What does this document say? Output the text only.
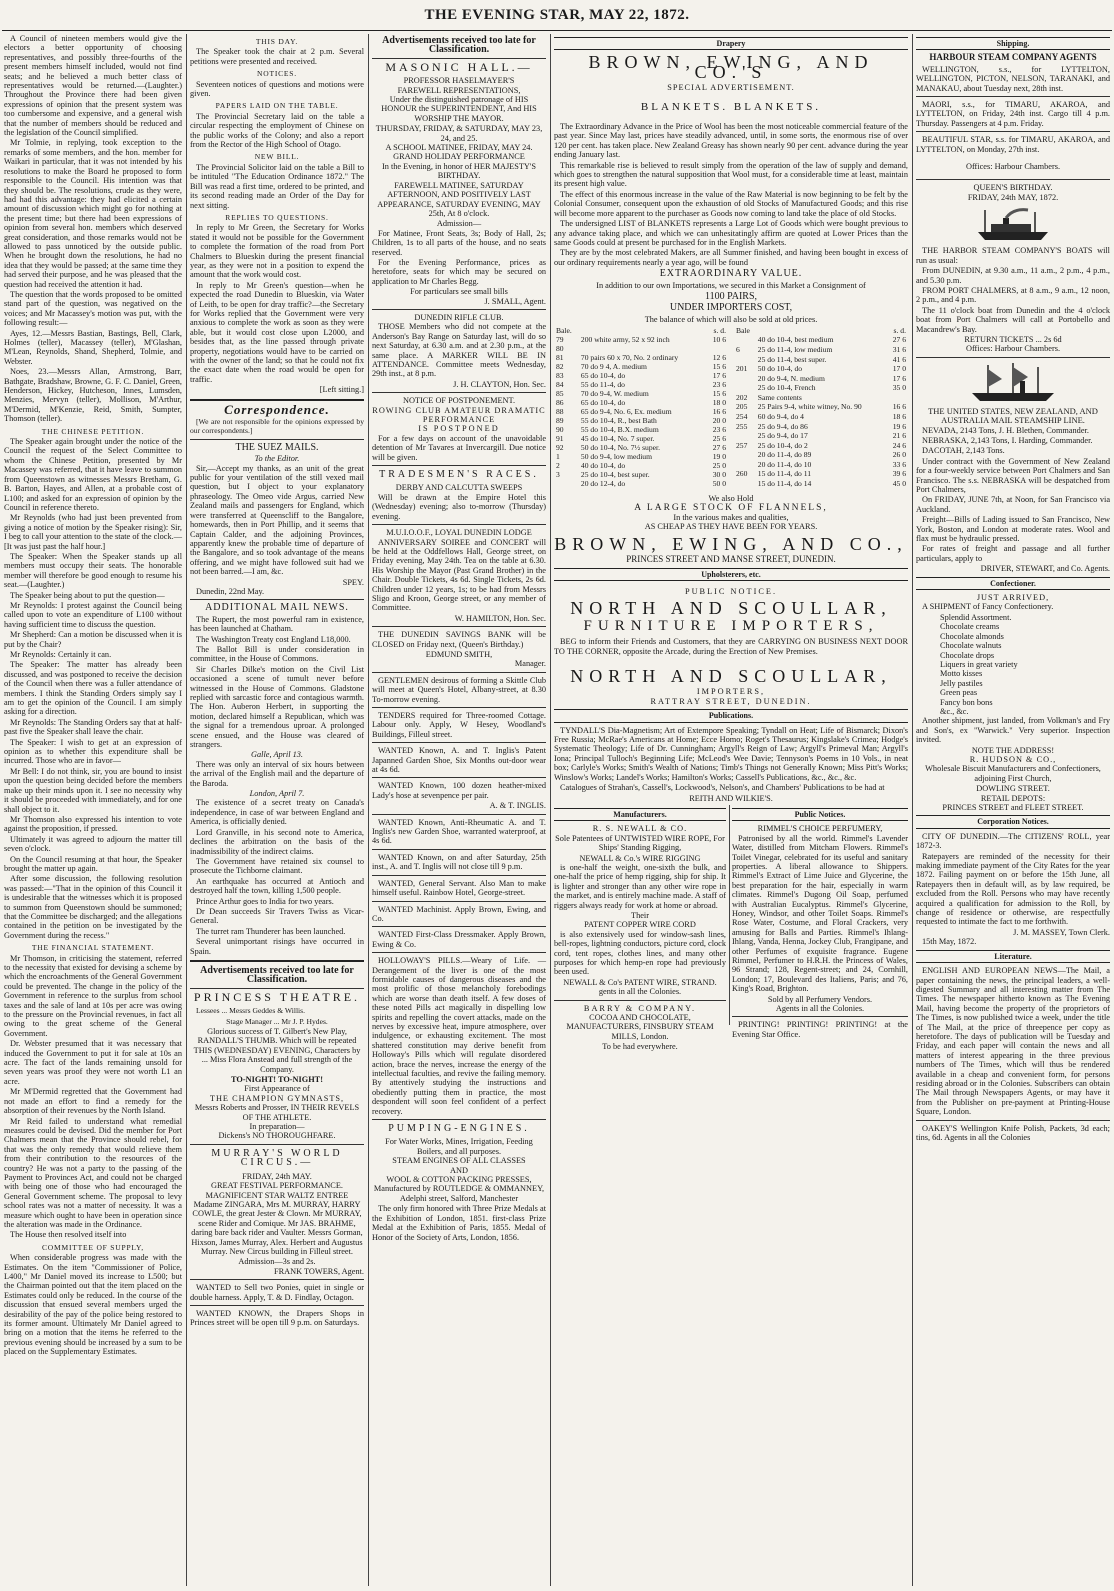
THE EVENING STAR, MAY 22, 1872.

A Council of nineteen members would give the electors a better opportunity of choosing representatives, and possibly three-fourths of the present members himself included, would not find seats; and he believed a much better class of representatives would be returned.—(Laughter.) Throughout the Province there had been given expressions of opinion that the present system was too cumbersome and expensive, and a general wish that the number of members should be reduced and the legislation of the Council simplified.

Mr Tolmie, in replying, took exception to the remarks of some members, and the hon. member for Waikari in particular, that it was not intended by his resolutions to make the Board he proposed to form responsible to the Council. His intention was that they should be. The resolutions, crude as they were, had had this advantage: they had elicited a certain amount of discussion which might go for nothing at the present time; but there had been expressions of opinion from several hon. members which deserved great consideration, and those remarks would not be allowed to pass unnoticed by the outside public. When he brought down the resolutions, he had no idea that they would be passed; at the same time they had served their purpose, and he was pleased that the question had received the attention it had.

The question that the words proposed to be omitted stand part of the question, was negatived on the voices; and Mr Macassey's motion was put, with the following result:—

Ayes, 12.—Messrs Bastian, Bastings, Bell, Clark, Holmes (teller), Macassey (teller), M'Glashan, M'Lean, Reynolds, Shand, Shepherd, Tolmie, and Webster.

Noes, 23.—Messrs Allan, Armstrong, Barr, Bathgate, Bradshaw, Browne, G. F. C. Daniel, Green, Henderson, Hickey, Hutcheson, Innes, Lumsden, Menzies, Mervyn (teller), Mollison, M'Arthur, M'Dermid, M'Kenzie, Reid, Smith, Sumpter, Thomson (teller).

THE CHINESE PETITION.

The Speaker again brought under the notice of the Council the request of the Select Committee to whom the Chinese Petition, presented by Mr Macassey was referred, that it have leave to summon from Queenstown as witnesses Messrs Bretham, G. B. Barton, Hayes, and Allen, at a probable cost of L100; and asked for an expression of opinion by the Council in reference thereto.

Mr Reynolds (who had just been prevented from giving a notice of motion by the Speaker rising): Sir, I beg to call your attention to the state of the clock.—[It was just past the half hour.]

The Speaker: When the Speaker stands up all members must occupy their seats. The honorable member will therefore be good enough to resume his seat.—(Laughter.)

The Speaker being about to put the question—

Mr Reynolds: I protest against the Council being called upon to vote an expenditure of L100 without having sufficient time to discuss the question.

Mr Shepherd: Can a motion be discussed when it is put by the Chair?

Mr Reynolds: Certainly it can.

The Speaker: The matter has already been discussed, and was postponed to receive the decision of the Council when there was a fuller attendance of members. I think the Standing Orders simply say I am to get the opinion of the Council. I am simply asking for a direction.

Mr Reynolds: The Standing Orders say that at half-past five the Speaker shall leave the chair.

The Speaker: I wish to get at an expression of opinion as to whether this expenditure shall be incurred. Those who are in favor—

Mr Bell: I do not think, sir, you are bound to insist upon the question being decided before the members make up their minds upon it. I see no necessity why it should be proceeded with immediately, and for one shall object to it.

Mr Thomson also expressed his intention to vote against the proposition, if pressed.

Ultimately it was agreed to adjourn the matter till seven o'clock.

On the Council resuming at that hour, the Speaker brought the matter up again.

After some discussion, the following resolution was passed:—"That in the opinion of this Council it is undesirable that the witnesses which it is proposed to summon from Queenstown should be summoned; that the Committee be discharged; and the allegations contained in the petition on be investigated by the Government during the recess."

THE FINANCIAL STATEMENT.

Mr Thomson, in criticising the statement, referred to the necessity that existed for devising a scheme by which the encroachments of the General Government could be prevented. The change in the policy of the Government in reference to the surplus from school taxes and the sale of land at 10s per acre was owing to the pressure on the Provincial revenues, in fact all owing to the great scheme of the General Government.

Dr. Webster presumed that it was necessary that induced the Government to put it for sale at 10s an acre. The fact of the lands remaining unsold for seven years was proof they were not worth L1 an acre.

Mr M'Dermid regretted that the Government had not made an effort to find a remedy for the absorption of their revenues by the North Island.

Mr Reid failed to understand what remedial measures could be devised. Did the member for Port Chalmers mean that the Province should rebel, for that was the only remedy that would relieve them from their contribution to the resources of the country? He was not a party to the passing of the Payment to Provinces Act, and could not be charged with being one of those who had encouraged the General Government scheme. The proposal to levy school rates was not a matter of necessity. It was a measure which ought to have been in operation since the alteration was made in the Ordinance.

The House then resolved itself into

COMMITTEE OF SUPPLY,

When considerable progress was made with the Estimates. On the item "Commissioner of Police, L400," Mr Daniel moved its increase to L500; but the Chairman pointed out that the item placed on the Estimates could only be reduced. In the course of the discussion that ensued several members urged the desirability of the pay of the police being restored to its former amount. Ultimately Mr Daniel agreed to bring on a motion that the items he referred to the previous evening should be increased by a sum to be placed on the Supplementary Estimates.

THIS DAY.

The Speaker took the chair at 2 p.m. Several petitions were presented and received.

NOTICES.

Seventeen notices of questions and motions were given.

PAPERS LAID ON THE TABLE.

The Provincial Secretary laid on the table a circular respecting the employment of Chinese on the public works of the Colony; and also a report from the Rector of the High School of Otago.

NEW BILL.

The Provincial Solicitor laid on the table a Bill to be intituled "The Education Ordinance 1872." The Bill was read a first time, ordered to be printed, and its second reading made an Order of the Day for next sitting.

REPLIES TO QUESTIONS.

In reply to Mr Green, the Secretary for Works stated it would not be possible for the Government to complete the formation of the road from Port Chalmers to Blueskin during the present financial year, as they were not in a position to expend the amount that the work would cost.

In reply to Mr Green's question—when he expected the road Dunedin to Blueskin, via Water of Leith, to be open for dray traffic?—the Secretary for Works replied that the Government were very anxious to complete the work as soon as they were able, but it would cost close upon L2000, and besides that, as the line passed through private property, negotiations would have to be carried on with the owner of the land; so that he could not fix the exact date when the road would be open for traffic.

[Left sitting.]
Correspondence.

[We are not responsible for the opinions expressed by our correspondents.]

THE SUEZ MAILS.
To the Editor.

Sir,—Accept my thanks, as an unit of the great public for your ventilation of the still vexed mail question, but I object to your explanatory phraseology. The Omeo vide Argus, carried New Zealand mails and passengers for England, which were transferred at Queenscliff to the Bangalore, homewards, then in Port Phillip, and it seems that Captain Calder, and the adjoining Provinces, apparently knew the probable time of departure of the Bangalore, and so took advantage of the means offering, and we might have followed suit had we not been barred.—I am, &c.

SPEY.

Dunedin, 22nd May.

ADDITIONAL MAIL NEWS.

The Rupert, the most powerful ram in existence, has been launched at Chatham.

The Washington Treaty cost England L18,000.

The Ballot Bill is under consideration in committee, in the House of Commons.

Sir Charles Dilke's motion on the Civil List occasioned a scene of tumult never before witnessed in the House of Commons. Gladstone replied with sarcastic force and contagious warmth. The Hon. Auberon Herbert, in supporting the motion, declared himself a Republican, which was the signal for a tremendous uproar. A prolonged scene ensued, and the House was cleared of strangers.

Galle, April 13.

There was only an interval of six hours between the arrival of the English mail and the departure of the Baroda.

London, April 7.

The existence of a secret treaty on Canada's independence, in case of war between England and America, is officially denied.

Lord Granville, in his second note to America, declines the arbitration on the basis of the inadmissibility of the indirect claims.

The Government have retained six counsel to prosecute the Tichborne claimant.

An earthquake has occurred at Antioch and destroyed half the town, killing 1,500 people.

Prince Arthur goes to India for two years.

Dr Dean succeeds Sir Travers Twiss as Vicar-General.

The turret ram Thunderer has been launched.

Several unimportant risings have occurred in Spain.

Advertisements received too late for Classification.
PRINCESS THEATRE.

Lessees ... Messrs Geddes & Willis.

Stage Manager ... Mr J. P. Hydes.

Glorious success of T. Gilbert's New Play, RANDALL'S THUMB. Which will be repeated THIS (WEDNESDAY) EVENING, Characters by ... Miss Flora Anstead and full strength of the Company.

TO-NIGHT! TO-NIGHT!
First Appearance of
THE CHAMPION GYMNASTS,
Messrs Roberts and Prosser, IN THEIR REVELS OF THE ATHLETE.
In preparation—
Dickens's NO THOROUGHFARE.
MURRAY'S WORLD CIRCUS.—
FRIDAY, 24th MAY.
GREAT FESTIVAL PERFORMANCE.
MAGNIFICENT STAR WALTZ ENTREE

Madame ZINGARA, Mrs M. MURRAY, HARRY COWLE, the great Jester & Clown. Mr MURRAY, scene Rider and Comique. Mr JAS. BRAHME, daring bare back rider and Vaulter. Messrs Gorman, Hixson, James Murray, Alex. Herbert and Augustus Murray. New Circus building in Filleul street.

Admission—3s and 2s.
FRANK TOWERS, Agent.

WANTED to Sell two Ponies, quiet in single or double harness. Apply, T. & D. Findlay, Octagon.

WANTED KNOWN, the Drapers Shops in Princes street will be open till 9 p.m. on Saturdays.

Advertisements received too late for Classification.
MASONIC HALL.—
PROFESSOR HASELMAYER'S
FAREWELL REPRESENTATIONS,

Under the distinguished patronage of HIS HONOUR the SUPERINTENDENT, And HIS WORSHIP THE MAYOR.

THURSDAY, FRIDAY, & SATURDAY, MAY 23, 24, and 25.
A SCHOOL MATINEE, FRIDAY, MAY 24.
GRAND HOLIDAY PERFORMANCE
In the Evening, in honor of HER MAJESTY'S BIRTHDAY.

FAREWELL MATINEE, SATURDAY AFTERNOON, AND POSITIVELY LAST APPEARANCE, SATURDAY EVENING, MAY 25th, At 8 o'clock.

Admission—

For Matinee, Front Seats, 3s; Body of Hall, 2s; Children, 1s to all parts of the house, and no seats reserved.

For the Evening Performance, prices as heretofore, seats for which may be secured on application to Mr Charles Begg.

For particulars see small bills
J. SMALL, Agent.
DUNEDIN RIFLE CLUB.

THOSE Members who did not compete at the Anderson's Bay Range on Saturday last, will do so next Saturday, at 6.30 a.m. and at 2.30 p.m., at the same place. A MARKER WILL BE IN ATTENDANCE. Committee meets Wednesday, 29th inst., at 8 p.m.

J. H. CLAYTON, Hon. Sec.
NOTICE OF POSTPONEMENT.
ROWING CLUB AMATEUR DRAMATIC PERFORMANCE
IS POSTPONED

For a few days on account of the unavoidable detention of Mr Tavares at Invercargill. Due notice will be given.

TRADESMEN'S RACES.
DERBY AND CALCUTTA SWEEPS

Will be drawn at the Empire Hotel this (Wednesday) evening; also to-morrow (Thursday) evening.

M.U.I.O.O.F., LOYAL DUNEDIN LODGE

ANNIVERSARY SOIREE and CONCERT will be held at the Oddfellows Hall, George street, on Friday evening, May 24th. Tea on the table at 6.30. His Worship the Mayor (Past Grand Brother) in the Chair. Double Tickets, 4s 6d. Single Tickets, 2s 6d. Children under 12 years, 1s; to be had from Messrs Sligo and Kroon, George street, or any member of Committee.

W. HAMILTON, Hon. Sec.

THE DUNEDIN SAVINGS BANK will be CLOSED on Friday next, (Queen's Birthday.)

EDMUND SMITH,
Manager.

GENTLEMEN desirous of forming a Skittle Club will meet at Queen's Hotel, Albany-street, at 8.30 To-morrow evening.

TENDERS required for Three-roomed Cottage. Labour only. Apply, W Hesey, Woodland's Buildings, Filleul street.

WANTED Known, A. and T. Inglis's Patent Japanned Garden Shoe, Six Months out-door wear at 4s 6d.

WANTED Known, 100 dozen heather-mixed Lady's hose at sevenpence per pair.

A. & T. INGLIS.

WANTED Known, Anti-Rheumatic A. and T. Inglis's new Garden Shoe, warranted waterproof, at 4s 6d.

WANTED Known, on and after Saturday, 25th inst., A. and T. Inglis will not close till 9 p.m.

WANTED, General Servant. Also Man to make himself useful. Rainbow Hotel, George-street.

WANTED Machinist. Apply Brown, Ewing, and Co.

WANTED First-Class Dressmaker. Apply Brown, Ewing & Co.

HOLLOWAY'S PILLS.—Weary of Life. —Derangement of the liver is one of the most formidable causes of dangerous diseases and the most prolific of those melancholy forebodings which are worse than death itself. A few doses of these noted Pills act magically in dispelling low spirits and repelling the covert attacks, made on the nerves by excessive heat, impure atmosphere, over indulgence, or exhausting excitement. The most shattered constitution may derive benefit from Holloway's Pills which will regulate disordered action, brace the nerves, increase the energy of the intellectual faculties, and revive the failing memory. By attentively studying the instructions and obediently putting them in practice, the most despondent will soon feel confident of a perfect recovery.

PUMPING-ENGINES.
For Water Works, Mines, Irrigation, Feeding Boilers, and all purposes.
STEAM ENGINES OF ALL CLASSES
AND
WOOL & COTTON PACKING PRESSES,

Manufactured by ROUTLEDGE & OMMANNEY, Adelphi street, Salford, Manchester

The only firm honored with Three Prize Medals at the Exhibition of London, 1851. first-class Prize Medal at the Exhibition of Paris, 1855. Medal of Honor of the Society of Arts, London, 1856.

Drapery
BROWN, EWING, AND CO.'S
SPECIAL ADVERTISEMENT.
BLANKETS. BLANKETS.

The Extraordinary Advance in the Price of Wool has been the most noticeable commercial feature of the past year. Since May last, prices have steadily advanced, until, in some sorts, the enormous rise of over 120 per cent. has taken place. New Zealand Greasy has shown nearly 90 per cent. advance during the year ending January last.

This remarkable rise is believed to result simply from the operation of the law of supply and demand, which goes to strengthen the natural supposition that Wool must, for a considerable time at least, maintain its present high value.

The effect of this enormous increase in the value of the Raw Material is now beginning to be felt by the Colonial Consumer, consequent upon the exhaustion of old Stocks of Manufactured Goods; and this rise will become more apparent to the purchaser as Goods now coming to land take the place of old Stocks.

The undersigned LIST of BLANKETS represents a Large Lot of Goods which were bought previous to any advance taking place, and which we can unhesitatingly affirm are quoted at Lower Prices than the same Goods could at present be purchased for in the English Markets.

They are by the most celebrated Makers, are all Summer finished, and having been bought in excess of our ordinary requirements nearly a year ago, will be found

EXTRAORDINARY VALUE.
In addition to our own Importations, we secured in this Market a Consignment of
1100 PAIRS,
UNDER IMPORTERS COST,
The balance of which will also be sold at old prices.
Bale.		s. d.
79	200 white army, 52 x 92 inch	10 6
80		
81	70 pairs 60 x 70, No. 2 ordinary	12 6
82	70 do 9 4, A. medium	15 6
83	65 do 10-4, do	17 6
84	55 do 11-4, do	23 6
85	70 do 9-4, W. medium	15 6
86	65 do 10-4, do	18 0
88	65 do 9-4, No. 6, Ex. medium	16 6
89	55 do 10-4, R., best Bath	20 0
90	55 do 10-4, B.X. medium	23 6
91	45 do 10-4, No. 7 super.	25 6
92	50 do 10-4, No. 7½ super.	27 6
1	50 do 9-4, low medium	19 0
2	40 do 10-4, do	25 0
3	25 do 10-4, best super.	30 0
	20 do 12-4, do	50 0
Bale		s. d.
	40 do 10-4, best medium	27 6
6	25 do 11-4, low medium	31 6
	25 do 11-4, best super.	41 6
201	50 do 10-4, do	17 0
	20 do 9-4, N. medium	17 6
	25 do 10-4, French	35 0
202	Same contents	
205	25 Pairs 9-4, white witney, No. 90	16 6
254	60 do 9-4, do 4	18 6
255	25 do 9-4, do 86	19 6
	25 do 9-4, do 17	21 6
257	25 do 10-4, do 2	24 6
	20 do 11-4, do 89	26 0
	20 do 11-4, do 10	33 6
260	15 do 11-4, do 11	39 6
	15 do 11-4, do 14	45 0
We also Hold
A LARGE STOCK OF FLANNELS,
In the various makes and qualities,
AS CHEAP AS THEY HAVE BEEN FOR YEARS.
BROWN, EWING, AND CO.,
PRINCES STREET AND MANSE STREET, DUNEDIN.
Upholsterers, etc.
PUBLIC NOTICE.
NORTH AND SCOULLAR,
FURNITURE IMPORTERS,

BEG to inform their Friends and Customers, that they are CARRYING ON BUSINESS NEXT DOOR TO THE CORNER, opposite the Arcade, during the Erection of New Premises.

NORTH AND SCOULLAR,
IMPORTERS,
RATTRAY STREET, DUNEDIN.
Publications.

TYNDALL'S Dia-Magnetism; Art of Extempore Speaking; Tyndall on Heat; Life of Bismarck; Dixon's Free Russia; McRae's Americans at Home; Ecce Homo; Roget's Thesaurus; Kingslake's Crimea; Hodge's Systematic Theology; Life of Dr. Cunningham; Argyll's Reign of Law; Argyll's Primeval Man; Argyll's Iona; Principal Tulloch's Beginning Life; McLeod's Wee Davie; Tennyson's Poems in 10 Vols., in neat box; Carlyle's Works; Smith's Wealth of Nations; Timb's Things not Generally Known; Miss Pitt's Works; Winslow's Works; Landel's Works; Hamilton's Works; Cassell's Publications, &c., &c., &c.

Catalogues of Strahan's, Cassell's, Lockwood's, Nelson's, and Chambers' Publications to be had at

REITH AND WILKIE'S.
Manufacturers.
R. S. NEWALL & CO.

Sole Patentees of UNTWISTED WIRE ROPE, For Ships' Standing Rigging,

NEWALL & Co.'s WIRE RIGGING

is one-half the weight, one-sixth the bulk, and one-half the price of hemp rigging, ship for ship. It is lighter and stronger than any other wire rope in the market, and is entirely machine made. A staff of riggers always ready for work at home or abroad.

Their
PATENT COPPER WIRE CORD

is also extensively used for window-sash lines, bell-ropes, lightning conductors, picture cord, clock cord, tent ropes, clothes lines, and many other purposes for which hemp-en rope had previously been used.

NEWALL & Co's PATENT WIRE, STRAND.
gents in all the Colonies.
BARRY & COMPANY.

COCOA AND CHOCOLATE, MANUFACTURERS, FINSBURY STEAM MILLS, London.

To be had everywhere.
Public Notices.
RIMMEL'S CHOICE PERFUMERY,

Patronised by all the world. Rimmel's Lavender Water, distilled from Mitcham Flowers. Rimmel's Toilet Vinegar, celebrated for its useful and sanitary properties. A liberal allowance to Shippers. Rimmel's Extract of Lime Juice and Glycerine, the best preparation for the hair, especially in warm climates. Rimmel's Dugong Oil Soap, perfumed with Australian Eucalyptus. Rimmel's Glycerine, Honey, Windsor, and other Toilet Soaps. Rimmel's Rose Water, Costume, and Floral Crackers, very amusing for Balls and Parties. Rimmel's Ihlang-Ihlang, Vanda, Henna, Jockey Club, Frangipane, and other Perfumes of exquisite fragrance. Eugene Rimmel, Perfumer to H.R.H. the Princess of Wales, 96 Strand; 128, Regent-street; and 24, Cornhill, London; 17, Boulevard des Italiens, Paris; and 76, King's Road, Brighton.

Sold by all Perfumery Vendors.
Agents in all the Colonies.

PRINTING! PRINTING! PRINTING! at the Evening Star Office.

Shipping.
HARBOUR STEAM COMPANY AGENTS

WELLINGTON, s.s., for LYTTELTON, WELLINGTON, PICTON, NELSON, TARANAKI, and MANAKAU, about Tuesday next, 28th inst.

MAORI, s.s., for TIMARU, AKAROA, and LYTTELTON, on Friday, 24th inst. Cargo till 4 p.m. Thursday. Passengers at 4 p.m. Friday.

BEAUTIFUL STAR, s.s. for TIMARU, AKAROA, and LYTTELTON, on Monday, 27th inst.

Offices: Harbour Chambers.
QUEEN'S BIRTHDAY.
FRIDAY, 24th MAY, 1872.

THE HARBOR STEAM COMPANY'S BOATS will run as usual:

From DUNEDIN, at 9.30 a.m., 11 a.m., 2 p.m., 4 p.m., and 5.30 p.m.

FROM PORT CHALMERS, at 8 a.m., 9 a.m., 12 noon, 2 p.m., and 4 p.m.

The 11 o'clock boat from Dunedin and the 4 o'clock boat from Port Chalmers will call at Portobello and Macandrew's Bay.

RETURN TICKETS ... 2s 6d
Offices: Harbour Chambers.
THE UNITED STATES, NEW ZEALAND, AND AUSTRALIA MAIL STEAMSHIP LINE.

NEVADA, 2143 Tons, J. H. Blethen, Commander.

NEBRASKA, 2,143 Tons, I. Harding, Commander.

DACOTAH, 2,143 Tons.

Under contract with the Government of New Zealand for a four-weekly service between Port Chalmers and San Francisco. The s.s. NEBRASKA will be despatched from Port Chalmers,

On FRIDAY, JUNE 7th, at Noon, for San Francisco via Auckland.

Freight—Bills of Lading issued to San Francisco, New York, Boston, and London at moderate rates. Wool and flax must be hydraulic pressed.

For rates of freight and passage and all further particulars, apply to

DRIVER, STEWART, and Co. Agents.
Confectioner.
JUST ARRIVED,

A SHIPMENT of Fancy Confectionery.

Splendid Assortment.
Chocolate creams
Chocolate almonds
Chocolate walnuts
Chocolate drops
Liquers in great variety
Motto kisses
Jelly pastiles
Green peas
Fancy bon bons
&c., &c.

Another shipment, just landed, from Volkman's and Fry and Son's, ex "Warwick." Very superior. Inspection invited.

NOTE THE ADDRESS!
R. HUDSON & CO.,

Wholesale Biscuit Manufacturers and Confectioners, adjoining First Church,

DOWLING STREET.
RETAIL DEPOTS:
PRINCES STREET and FLEET STREET.
Corporation Notices.

CITY OF DUNEDIN.—The CITIZENS' ROLL, year 1872-3.

Ratepayers are reminded of the necessity for their making immediate payment of the City Rates for the year 1872. Failing payment on or before the 15th June, all Ratepayers then in default will, as by law required, be excluded from the Roll. Persons who may have recently acquired a qualification for admission to the Roll, by change of residence or otherwise, are respectfully requested to intimate the fact to me forthwith.

J. M. MASSEY, Town Clerk.

15th May, 1872.

Literature.

ENGLISH AND EUROPEAN NEWS—The Mail, a paper containing the news, the principal leaders, a well-digested Summary and all interesting matter from The Times. The newspaper hitherto known as The Evening Mail, having become the property of the proprietors of The Times, is now published twice a week, under the title of The Mail, at the price of threepence per copy as heretofore. The days of publication will be Tuesday and Friday, and each paper will contain the news and all matters of interest appearing in the three previous numbers of The Times, which will thus be rendered available in a cheap and convenient form, for persons residing abroad or in the Colonies. Subscribers can obtain The Mail through Newspapers Agents, or may have it from the Publisher on pre-payment at Printing-House Square, London.

OAKEY'S Wellington Knife Polish, Packets, 3d each; tins, 6d. Agents in all the Colonies
